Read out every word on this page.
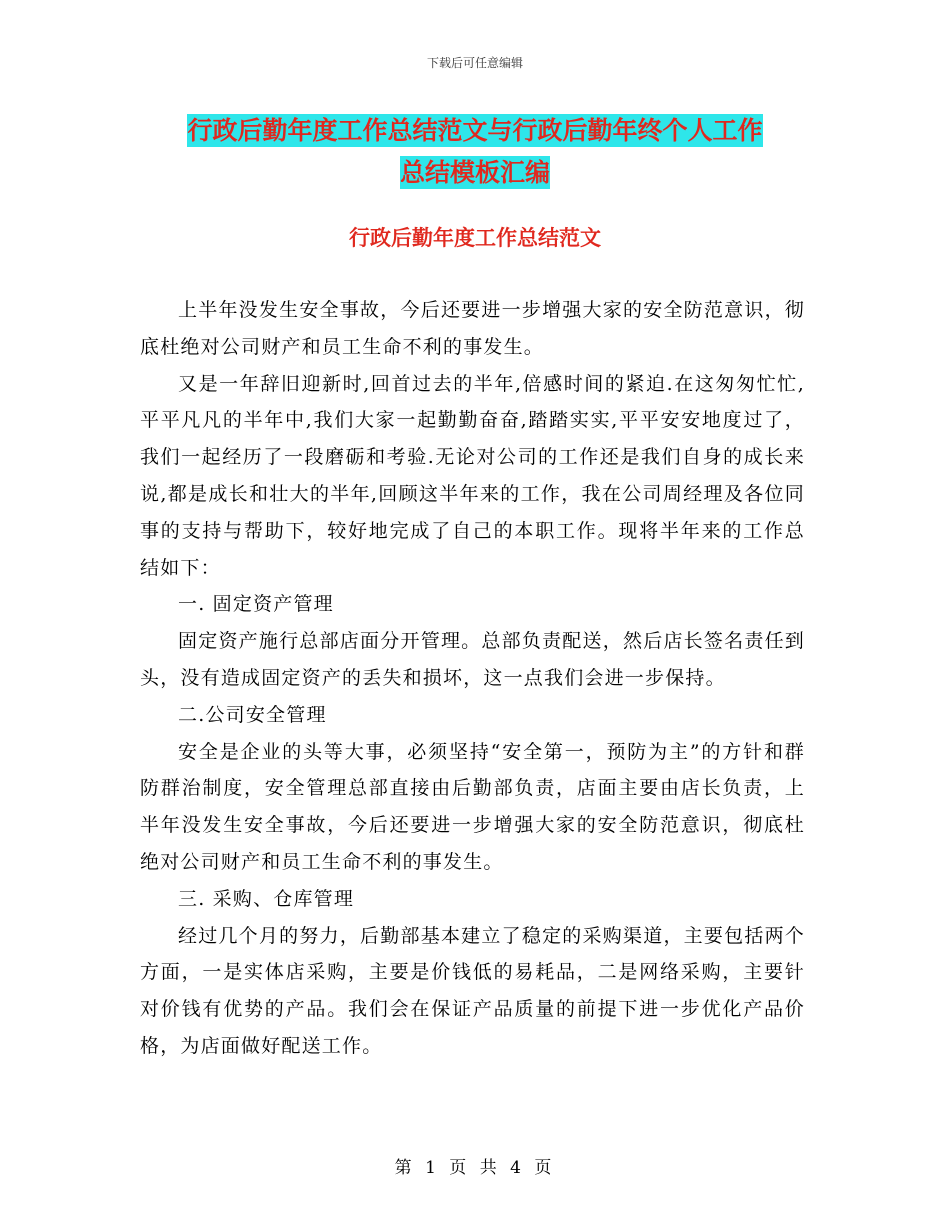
下载后可任意编辑
行政后勤年度工作总结范文与行政后勤年终个人工作
总结模板汇编
行政后勤年度工作总结范文

上半年没发生安全事故，今后还要进一步增强大家的安全防范意识，彻底杜绝对公司财产和员工生命不利的事发生。

又是一年辞旧迎新时,回首过去的半年,倍感时间的紧迫.在这匆匆忙忙,平平凡凡的半年中,我们大家一起勤勤奋奋,踏踏实实,平平安安地度过了，我们一起经历了一段磨砺和考验.无论对公司的工作还是我们自身的成长来说,都是成长和壮大的半年,回顾这半年来的工作，我在公司周经理及各位同事的支持与帮助下，较好地完成了自己的本职工作。现将半年来的工作总结如下：

一. 固定资产管理

固定资产施行总部店面分开管理。总部负责配送，然后店长签名责任到头，没有造成固定资产的丢失和损坏，这一点我们会进一步保持。

二.公司安全管理

安全是企业的头等大事，必须坚持“安全第一，预防为主”的方针和群防群治制度，安全管理总部直接由后勤部负责，店面主要由店长负责，上半年没发生安全事故，今后还要进一步增强大家的安全防范意识，彻底杜绝对公司财产和员工生命不利的事发生。

三. 采购、仓库管理

经过几个月的努力，后勤部基本建立了稳定的采购渠道，主要包括两个方面，一是实体店采购，主要是价钱低的易耗品，二是网络采购，主要针对价钱有优势的产品。我们会在保证产品质量的前提下进一步优化产品价格，为店面做好配送工作。

第 1 页 共 4 页
